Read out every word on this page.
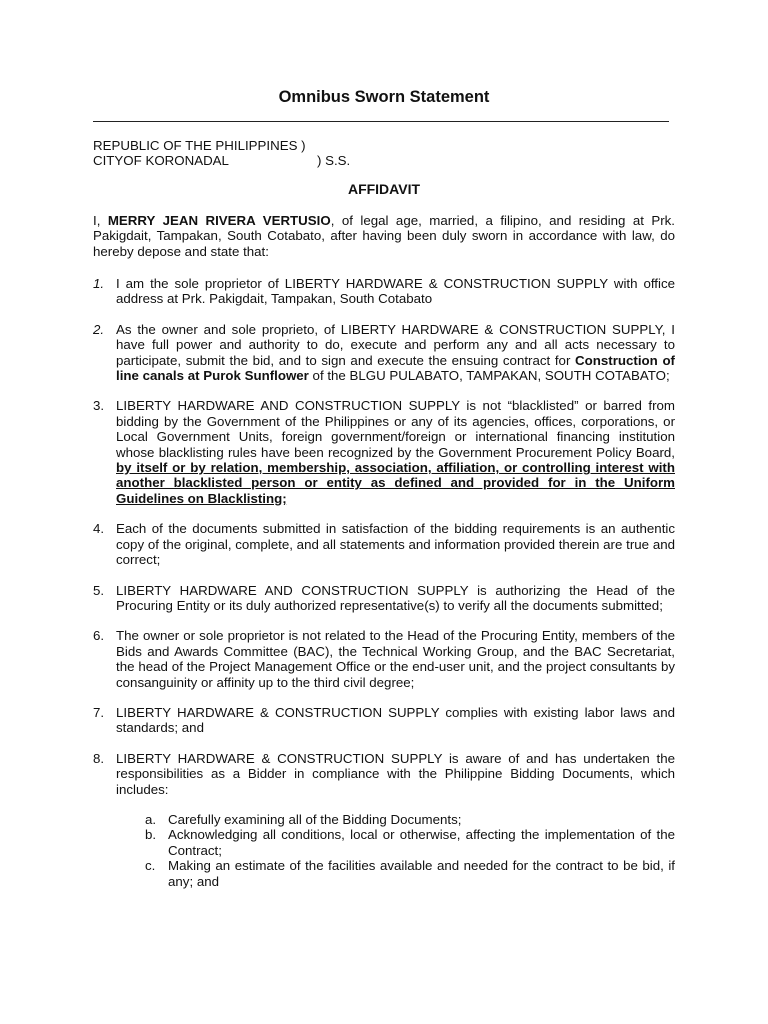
Omnibus Sworn Statement
REPUBLIC OF THE PHILIPPINES )
CITYOF KORONADAL	) S.S.
AFFIDAVIT
I, MERRY JEAN RIVERA VERTUSIO, of legal age, married, a filipino, and residing at Prk. Pakigdait, Tampakan, South Cotabato, after having been duly sworn in accordance with law, do hereby depose and state that:
1. I am the sole proprietor of LIBERTY HARDWARE & CONSTRUCTION SUPPLY with office address at Prk. Pakigdait, Tampakan, South Cotabato
2. As the owner and sole proprieto, of LIBERTY HARDWARE & CONSTRUCTION SUPPLY, I have full power and authority to do, execute and perform any and all acts necessary to participate, submit the bid, and to sign and execute the ensuing contract for Construction of line canals at Purok Sunflower of the BLGU PULABATO, TAMPAKAN, SOUTH COTABATO;
3. LIBERTY HARDWARE AND CONSTRUCTION SUPPLY is not “blacklisted” or barred from bidding by the Government of the Philippines or any of its agencies, offices, corporations, or Local Government Units, foreign government/foreign or international financing institution whose blacklisting rules have been recognized by the Government Procurement Policy Board, by itself or by relation, membership, association, affiliation, or controlling interest with another blacklisted person or entity as defined and provided for in the Uniform Guidelines on Blacklisting;
4. Each of the documents submitted in satisfaction of the bidding requirements is an authentic copy of the original, complete, and all statements and information provided therein are true and correct;
5. LIBERTY HARDWARE AND CONSTRUCTION SUPPLY is authorizing the Head of the Procuring Entity or its duly authorized representative(s) to verify all the documents submitted;
6. The owner or sole proprietor is not related to the Head of the Procuring Entity, members of the Bids and Awards Committee (BAC), the Technical Working Group, and the BAC Secretariat, the head of the Project Management Office or the end-user unit, and the project consultants by consanguinity or affinity up to the third civil degree;
7. LIBERTY HARDWARE & CONSTRUCTION SUPPLY complies with existing labor laws and standards; and
8. LIBERTY HARDWARE & CONSTRUCTION SUPPLY is aware of and has undertaken the responsibilities as a Bidder in compliance with the Philippine Bidding Documents, which includes:
a. Carefully examining all of the Bidding Documents;
b. Acknowledging all conditions, local or otherwise, affecting the implementation of the Contract;
c. Making an estimate of the facilities available and needed for the contract to be bid, if any; and
